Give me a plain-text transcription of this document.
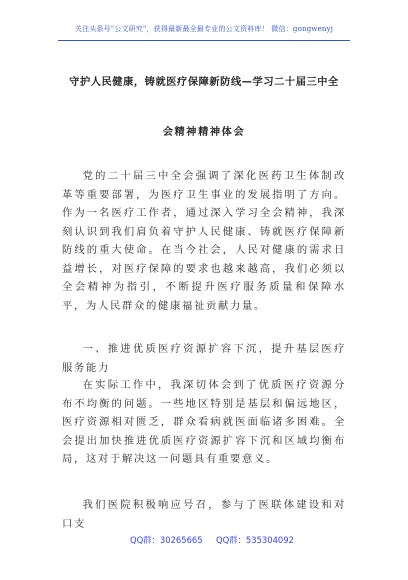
关注头条号"公文研究"，获得最新最全最专业的公文资料库！ 微信：gongwenyj
守护人民健康，铸就医疗保障新防线—学习二十届三中全
会精神精神体会

党的二十届三中全会强调了深化医药卫生体制改革等重要部署，为医疗卫生事业的发展指明了方向。作为一名医疗工作者，通过深入学习全会精神，我深刻认识到我们肩负着守护人民健康、铸就医疗保障新防线的重大使命。在当今社会，人民对健康的需求日益增长，对医疗保障的要求也越来越高，我们必须以全会精神为指引，不断提升医疗服务质量和保障水平，为人民群众的健康福祉贡献力量。

一、推进优质医疗资源扩容下沉，提升基层医疗服务能力

在实际工作中，我深切体会到了优质医疗资源分布不均衡的问题。一些地区特别是基层和偏远地区，医疗资源相对匮乏，群众看病就医面临诸多困难。全会提出加快推进优质医疗资源扩容下沉和区域均衡布局，这对于解决这一问题具有重要意义。

我们医院积极响应号召，参与了医联体建设和对口支

QQ群：30265665 QQ群：535304092
